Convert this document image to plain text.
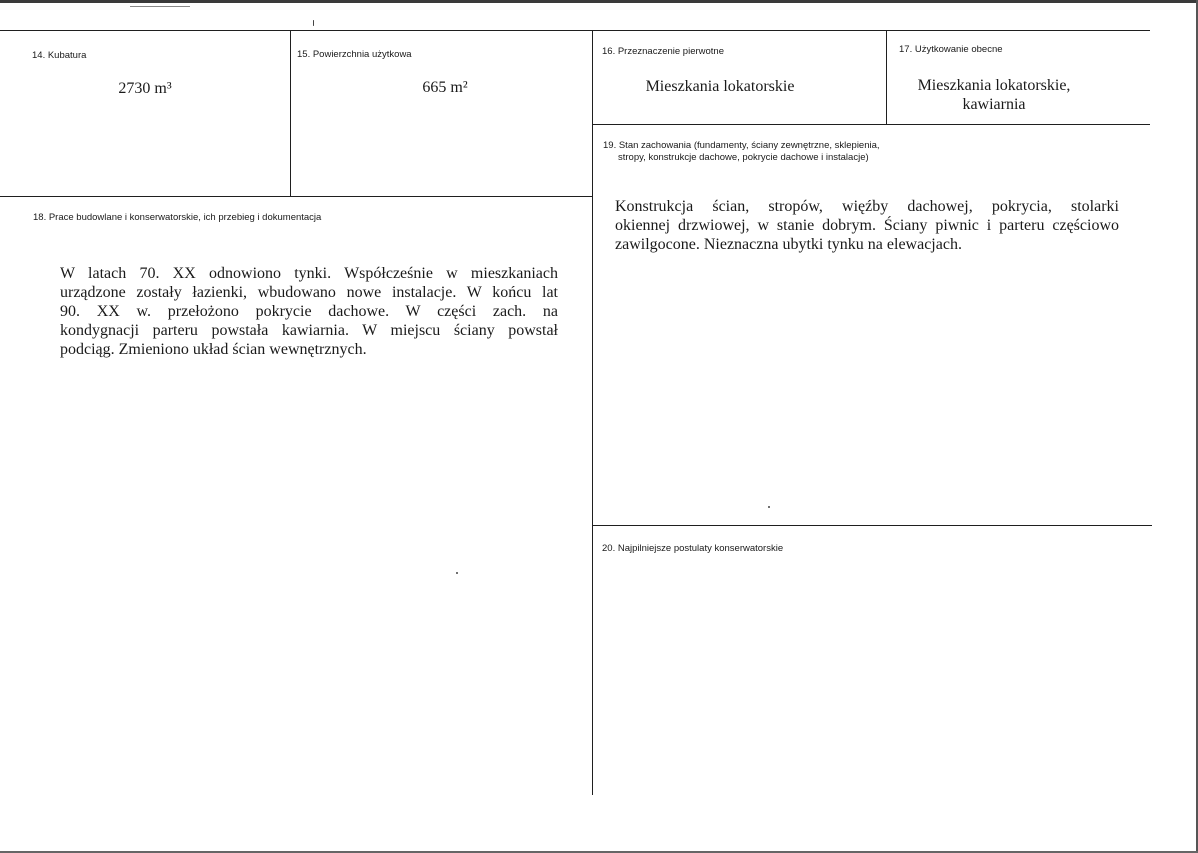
14. Kubatura
2730 m³
15. Powierzchnia użytkowa
665 m²
16. Przeznaczenie pierwotne
Mieszkania lokatorskie
17. Użytkowanie obecne
Mieszkania lokatorskie,
kawiarnia
19. Stan zachowania (fundamenty, ściany zewnętrzne, sklepienia,
stropy, konstrukcje dachowe, pokrycie dachowe i instalacje)
Konstrukcja ścian, stropów, więźby dachowej, pokrycia, stolarki
okiennej drzwiowej, w stanie dobrym. Ściany piwnic i parteru częściowo
zawilgocone. Nieznaczna ubytki tynku na elewacjach.
18. Prace budowlane i konserwatorskie, ich przebieg i dokumentacja
W latach 70. XX odnowiono tynki. Współcześnie w mieszkaniach
urządzone zostały łazienki, wbudowano nowe instalacje. W końcu lat
90. XX w. przełożono pokrycie dachowe. W części zach. na
kondygnacji parteru powstała kawiarnia. W miejscu ściany powstał
podciąg. Zmieniono układ ścian wewnętrznych.
20. Najpilniejsze postulaty konserwatorskie
